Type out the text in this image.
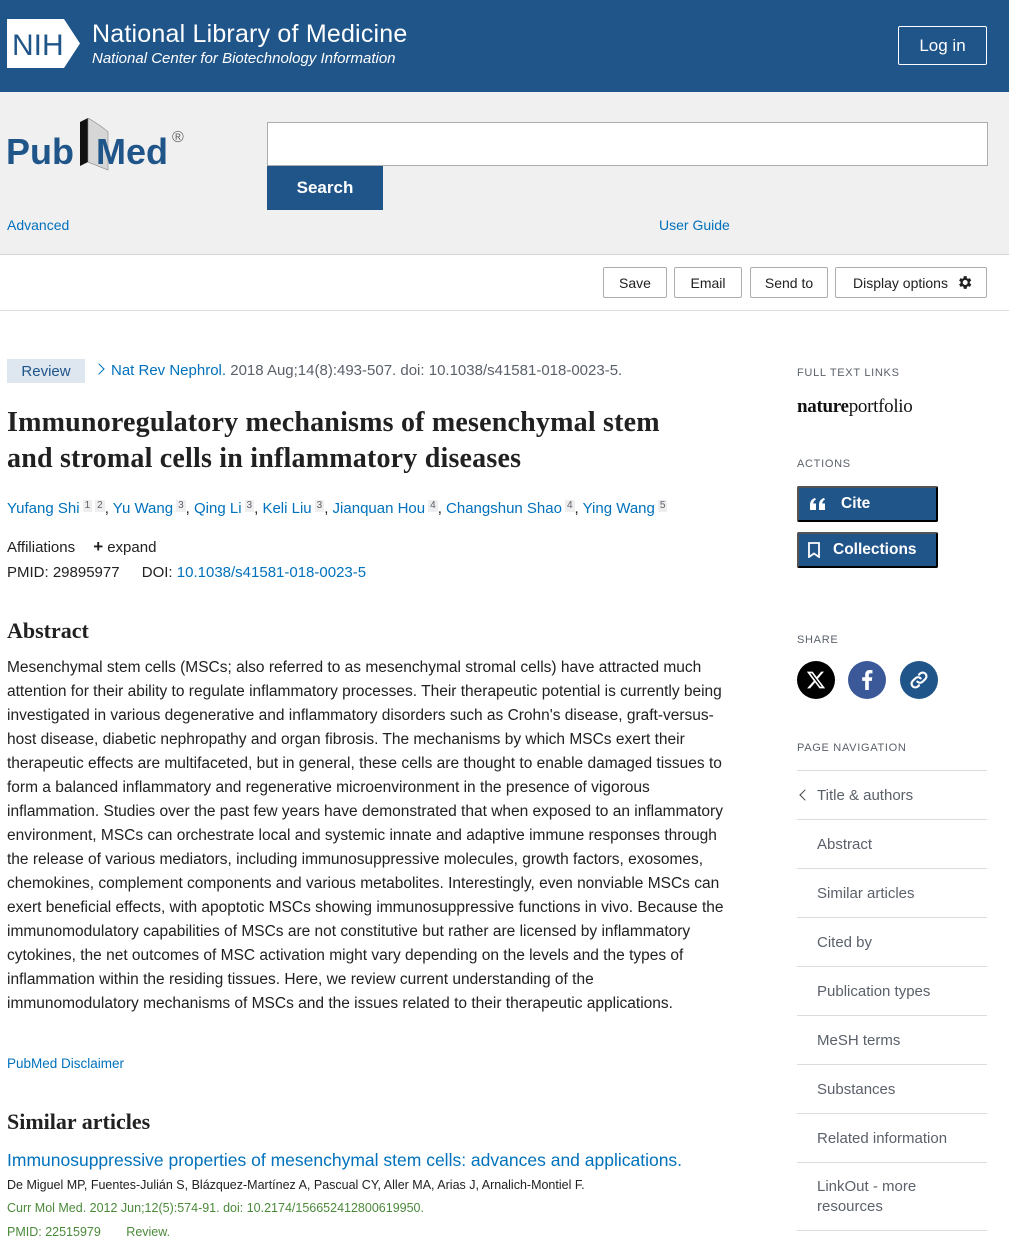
NIH National Library of Medicine
National Center for Biotechnology Information
Log in
Pub Med ®
Search
Advanced	User Guide
Save	Email	Send to	Display options
Review	Nat Rev Nephrol. 2018 Aug;14(8):493-507. doi: 10.1038/s41581-018-0023-5.
Immunoregulatory mechanisms of mesenchymal stem and stromal cells in inflammatory diseases
Yufang Shi 1 2 , Yu Wang 3 , Qing Li 3 , Keli Liu 3 , Jianquan Hou 4 , Changshun Shao 4 , Ying Wang 5
Affiliations + expand
PMID: 29895977 DOI: 10.1038/s41581-018-0023-5
Abstract

Mesenchymal stem cells (MSCs; also referred to as mesenchymal stromal cells) have attracted much attention for their ability to regulate inflammatory processes. Their therapeutic potential is currently being investigated in various degenerative and inflammatory disorders such as Crohn's disease, graft-versus-host disease, diabetic nephropathy and organ fibrosis. The mechanisms by which MSCs exert their therapeutic effects are multifaceted, but in general, these cells are thought to enable damaged tissues to form a balanced inflammatory and regenerative microenvironment in the presence of vigorous inflammation. Studies over the past few years have demonstrated that when exposed to an inflammatory environment, MSCs can orchestrate local and systemic innate and adaptive immune responses through the release of various mediators, including immunosuppressive molecules, growth factors, exosomes, chemokines, complement components and various metabolites. Interestingly, even nonviable MSCs can exert beneficial effects, with apoptotic MSCs showing immunosuppressive functions in vivo. Because the immunomodulatory capabilities of MSCs are not constitutive but rather are licensed by inflammatory cytokines, the net outcomes of MSC activation might vary depending on the levels and the types of inflammation within the residing tissues. Here, we review current understanding of the immunomodulatory mechanisms of MSCs and the issues related to their therapeutic applications.

PubMed Disclaimer
Similar articles
Immunosuppressive properties of mesenchymal stem cells: advances and applications.
De Miguel MP, Fuentes-Julián S, Blázquez-Martínez A, Pascual CY, Aller MA, Arias J, Arnalich-Montiel F.
Curr Mol Med. 2012 Jun;12(5):574-91. doi: 10.2174/156652412800619950.
PMID: 22515979 Review.
FULL TEXT LINKS
natureportfolio
ACTIONS
Cite
Collections
SHARE
PAGE NAVIGATION
Title & authors
Abstract
Similar articles
Cited by
Publication types
MeSH terms
Substances
Related information
LinkOut - more resources
